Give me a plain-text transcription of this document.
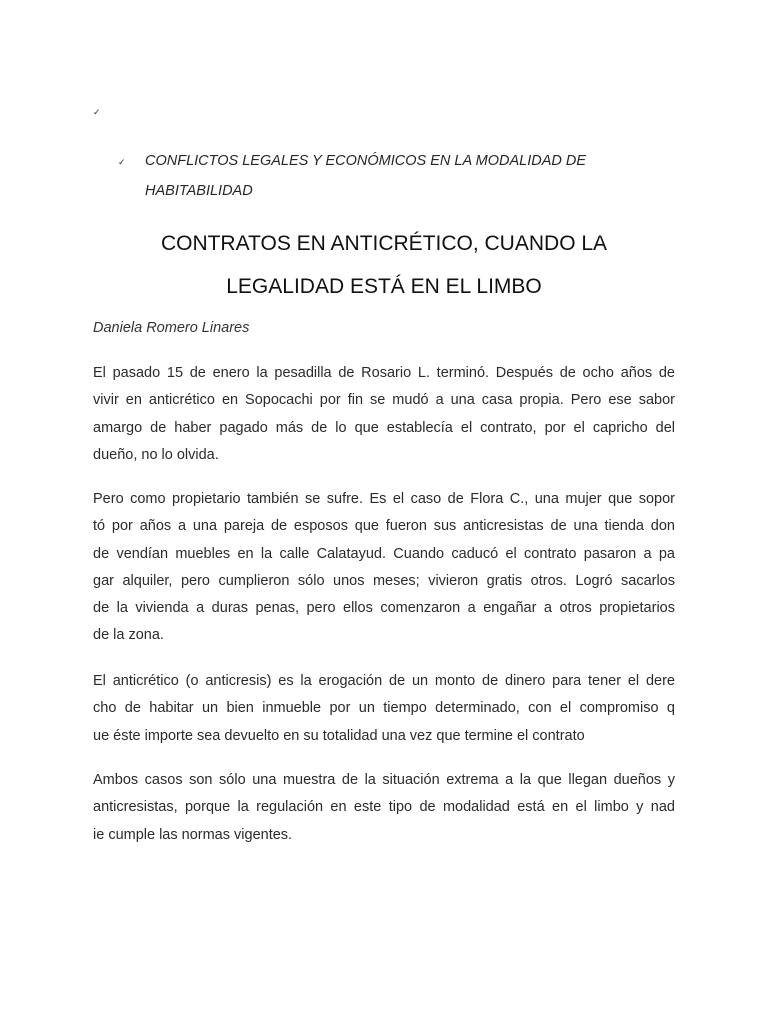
✓
✓ CONFLICTOS LEGALES Y ECONÓMICOS EN LA MODALIDAD DE
HABITABILIDAD
CONTRATOS EN ANTICRÉTICO, CUANDO LA
LEGALIDAD ESTÁ EN EL LIMBO
Daniela Romero Linares
El pasado 15 de enero la pesadilla de Rosario L. terminó. Después de ocho años de
vivir en anticrético en Sopocachi por fin se mudó a una casa propia. Pero ese sabor
amargo de haber pagado más de lo que establecía el contrato, por el capricho del
dueño, no lo olvida.
Pero como propietario también se sufre. Es el caso de Flora C., una mujer que sopor
tó por años a una pareja de esposos que fueron sus anticresistas de una tienda don
de vendían muebles en la calle Calatayud. Cuando caducó el contrato pasaron a pa
gar alquiler, pero cumplieron sólo unos meses; vivieron gratis otros. Logró sacarlos
de la vivienda a duras penas, pero ellos comenzaron a engañar a otros propietarios
de la zona.
El anticrético (o anticresis) es la erogación de un monto de dinero para tener el dere
cho de habitar un bien inmueble por un tiempo determinado, con el compromiso q
ue éste importe sea devuelto en su totalidad una vez que termine el contrato
Ambos casos son sólo una muestra de la situación extrema a la que llegan dueños y
anticresistas, porque la regulación en este tipo de modalidad está en el limbo y nad
ie cumple las normas vigentes.
